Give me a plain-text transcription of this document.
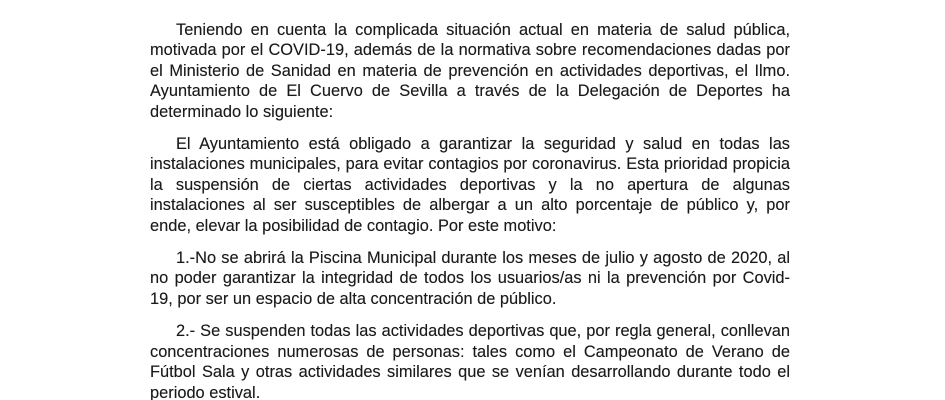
Teniendo en cuenta la complicada situación actual en materia de salud pública,
motivada por el COVID-19, además de la normativa sobre recomendaciones dadas por
el Ministerio de Sanidad en materia de prevención en actividades deportivas, el Ilmo.
Ayuntamiento de El Cuervo de Sevilla a través de la Delegación de Deportes ha
determinado lo siguiente:
El Ayuntamiento está obligado a garantizar la seguridad y salud en todas las
instalaciones municipales, para evitar contagios por coronavirus. Esta prioridad propicia
la suspensión de ciertas actividades deportivas y la no apertura de algunas
instalaciones al ser susceptibles de albergar a un alto porcentaje de público y, por
ende, elevar la posibilidad de contagio. Por este motivo:
1.-No se abrirá la Piscina Municipal durante los meses de julio y agosto de 2020, al
no poder garantizar la integridad de todos los usuarios/as ni la prevención por Covid-
19, por ser un espacio de alta concentración de público.
2.- Se suspenden todas las actividades deportivas que, por regla general, conllevan
concentraciones numerosas de personas: tales como el Campeonato de Verano de
Fútbol Sala y otras actividades similares que se venían desarrollando durante todo el
periodo estival.
